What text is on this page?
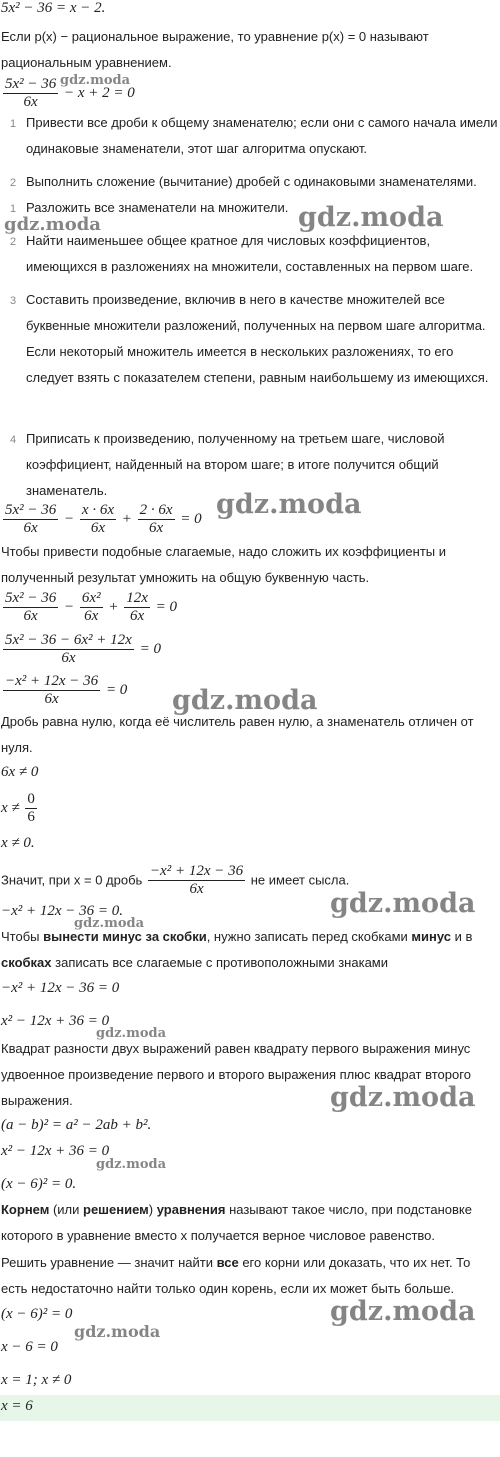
5x² − 36 = x − 2.
Если p(x) − рациональное выражение, то уравнение p(x) = 0 называют рациональным уравнением.
$\frac{\text{5x² − 36}}{6x} - x + 2 = 0$
1 Привести все дроби к общему знаменателю; если они с самого начала имели одинаковые знаменатели, этот шаг алгоритма опускают.
2 Выполнить сложение (вычитание) дробей с одинаковыми знаменателями.
1 Разложить все знаменатели на множители.
2 Найти наименьшее общее кратное для числовых коэффициентов, имеющихся в разложениях на множители, составленных на первом шаге.
3 Составить произведение, включив в него в качестве множителей все буквенные множители разложений, полученных на первом шаге алгоритма. Если некоторый множитель имеется в нескольких разложениях, то его следует взять с показателем степени, равным наибольшему из имеющихся.
4 Приписать к произведению, полученному на третьем шаге, числовой коэффициент, найденный на втором шаге; в итоге получится общий знаменатель.
$\frac{\text{5x² − 36}}{6x} - \frac{x \cdot 6x}{6x} + \frac{2 \cdot 6x}{6x} = 0$
Чтобы привести подобные слагаемые, надо сложить их коэффициенты и полученный результат умножить на общую буквенную часть.
$\frac{\text{5x² − 36}}{6x} - \frac{\text{6x²}}{6x} + \frac{12x}{6x} = 0$
$\frac{\text{5x² − 36 − 6x² + 12x}}{6x} = 0$
$\frac{\text{−x² + 12x − 36}}{6x} = 0$
Дробь равна нулю, когда её числитель равен нулю, а знаменатель отличен от нуля.
6x ≠ 0
$x \ne \frac{0}{6}$
x ≠ 0.
Значит, при x = 0 дробь $\frac{\text{−x² + 12x − 36}}{6x}$ не имеет сысла.
−x² + 12x − 36 = 0.
Чтобы вынести минус за скобки, нужно записать перед скобками минус и в скобках записать все слагаемые с противоположными знаками
−x² + 12x − 36 = 0
x² − 12x + 36 = 0
Квадрат разности двух выражений равен квадрату первого выражения минус удвоенное произведение первого и второго выражения плюс квадрат второго выражения.
(a − b)² = a² − 2ab + b².
x² − 12x + 36 = 0
(x − 6)² = 0.
Корнем (или решением) уравнения называют такое число, при подстановке которого в уравнение вместо x получается верное числовое равенство.
Решить уравнение — значит найти все его корни или доказать, что их нет. То есть недостаточно найти только один корень, если их может быть больше.
(x − 6)² = 0
x − 6 = 0
x = 1; x ≠ 0
x = 6
gdz.moda
gdz.moda
gdz.moda
gdz.moda
gdz.moda
gdz.moda
gdz.moda
gdz.moda
gdz.moda
gdz.moda
gdz.moda
gdz.moda
